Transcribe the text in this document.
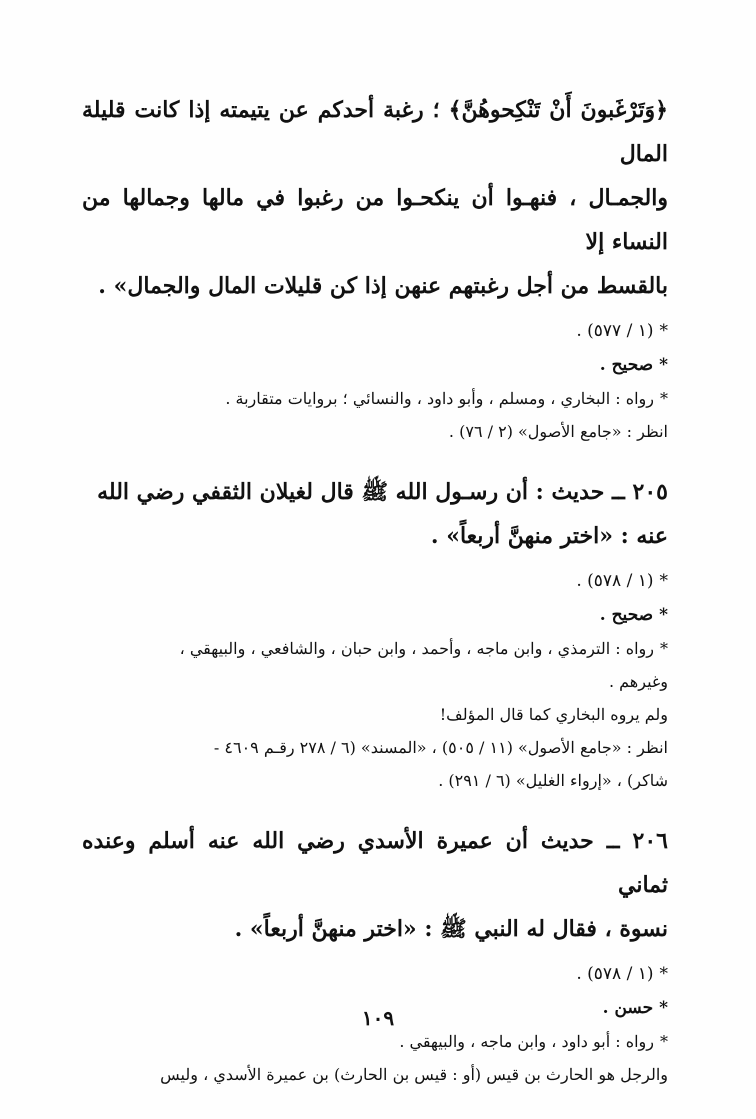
﴿وَتَرْغَبونَ أَنْ تَنْكِحوهُنَّ﴾ ؛ رغبة أحدكم عن يتيمته إذا كانت قليلة المال
والجمـال ، فنهـوا أن ينكحـوا من رغبوا في مالها وجمالها من النساء إلا
بالقسط من أجل رغبتهم عنهن إذا كن قليلات المال والجمال» .
*(١ / ٥٧٧) .
*صحيح .
*رواه : البخاري ، ومسلم ، وأبو داود ، والنسائي ؛ بروايات متقاربة .
انظر : «جامع الأصول» (٢ / ٧٦) .
٢٠٥ ــ حديث : أن رسـول الله ﷺ قال لغيلان الثقفي رضي الله
عنه : «اختر منهنَّ أربعاً» .
*(١ / ٥٧٨) .
*صحيح .
*رواه : الترمذي ، وابن ماجه ، وأحمد ، وابن حبان ، والشافعي ، والبيهقي ،
وغيرهم .
ولم يروه البخاري كما قال المؤلف!
انظر : «جامع الأصول» (١١ / ٥٠٥) ، «المسند» (٦ / ٢٧٨ رقـم ٤٦٠٩ -
شاكر) ، «إرواء الغليل» (٦ / ٢٩١) .
٢٠٦ ــ حديث أن عميرة الأسدي رضي الله عنه أسلم وعنده ثماني
نسوة ، فقال له النبي ﷺ : «اختر منهنَّ أربعاً» .
*(١ / ٥٧٨) .
*حسن .
*رواه : أبو داود ، وابن ماجه ، والبيهقي .
والرجل هو الحارث بن قيس (أو : قيس بن الحارث) بن عميرة الأسدي ، وليس
١٠٩
